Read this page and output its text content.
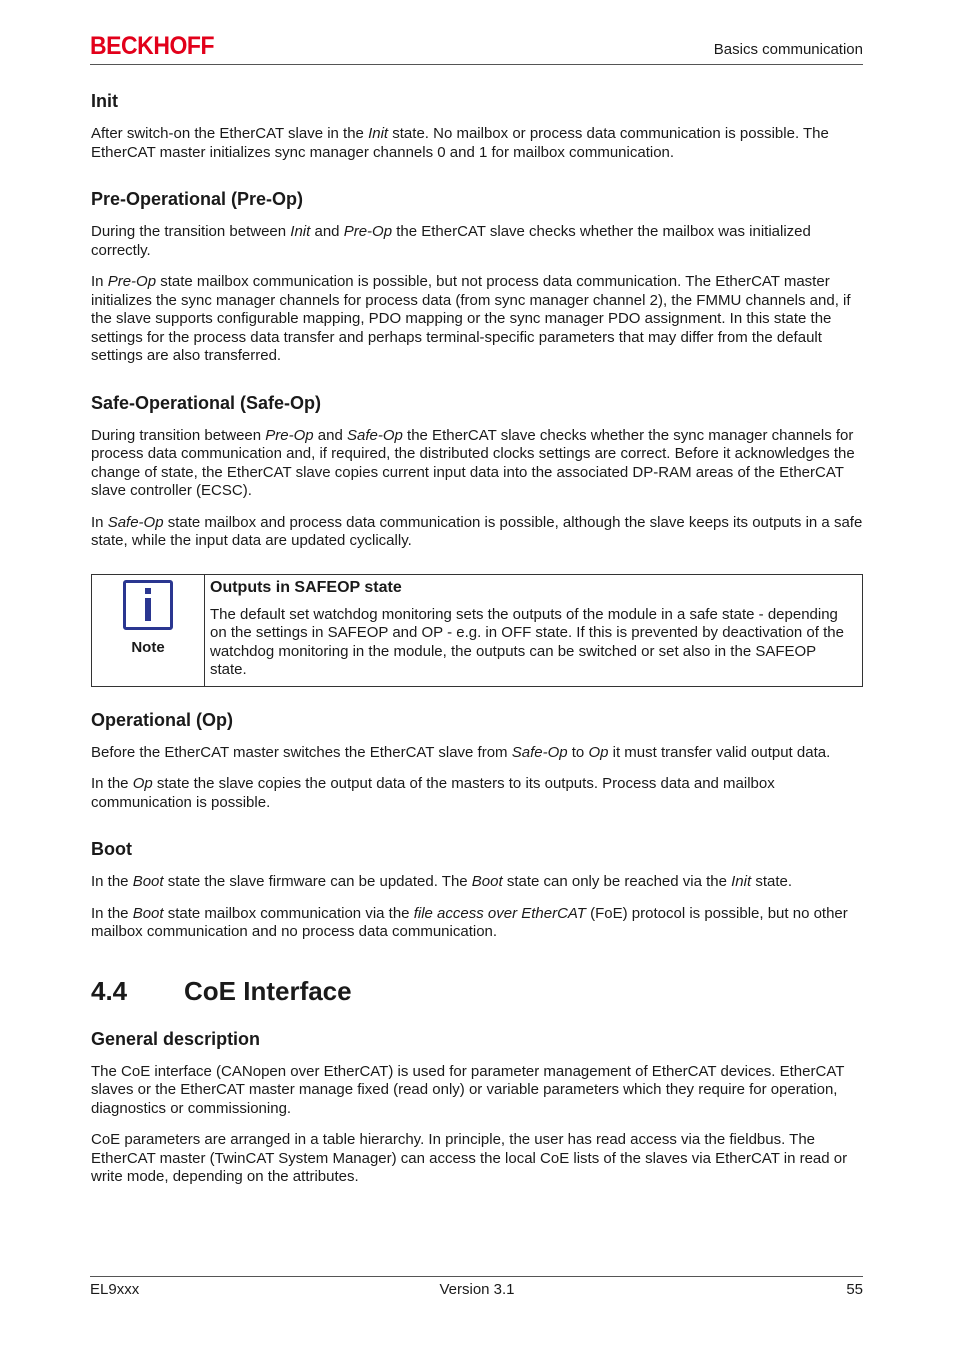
BECKHOFF	Basics communication
Init

After switch-on the EtherCAT slave in the Init state. No mailbox or process data communication is possible. The EtherCAT master initializes sync manager channels 0 and 1 for mailbox communication.

Pre-Operational (Pre-Op)

During the transition between Init and Pre-Op the EtherCAT slave checks whether the mailbox was initialized correctly.

In Pre-Op state mailbox communication is possible, but not process data communication. The EtherCAT master initializes the sync manager channels for process data (from sync manager channel 2), the FMMU channels and, if the slave supports configurable mapping, PDO mapping or the sync manager PDO assignment. In this state the settings for the process data transfer and perhaps terminal-specific parameters that may differ from the default settings are also transferred.

Safe-Operational (Safe-Op)

During transition between Pre-Op and Safe-Op the EtherCAT slave checks whether the sync manager channels for process data communication and, if required, the distributed clocks settings are correct. Before it acknowledges the change of state, the EtherCAT slave copies current input data into the associated DP-RAM areas of the EtherCAT slave controller (ECSC).

In Safe-Op state mailbox and process data communication is possible, although the slave keeps its outputs in a safe state, while the input data are updated cyclically.

Note
Outputs in SAFEOP state
The default set watchdog monitoring sets the outputs of the module in a safe state - depending on the settings in SAFEOP and OP - e.g. in OFF state. If this is prevented by deactivation of the watchdog monitoring in the module, the outputs can be switched or set also in the SAFEOP state.
Operational (Op)

Before the EtherCAT master switches the EtherCAT slave from Safe-Op to Op it must transfer valid output data.

In the Op state the slave copies the output data of the masters to its outputs. Process data and mailbox communication is possible.

Boot

In the Boot state the slave firmware can be updated. The Boot state can only be reached via the Init state.

In the Boot state mailbox communication via the file access over EtherCAT (FoE) protocol is possible, but no other mailbox communication and no process data communication.

4.4	CoE Interface
General description

The CoE interface (CANopen over EtherCAT) is used for parameter management of EtherCAT devices. EtherCAT slaves or the EtherCAT master manage fixed (read only) or variable parameters which they require for operation, diagnostics or commissioning.

CoE parameters are arranged in a table hierarchy. In principle, the user has read access via the fieldbus. The EtherCAT master (TwinCAT System Manager) can access the local CoE lists of the slaves via EtherCAT in read or write mode, depending on the attributes.

Version 3.1
EL9xxx	55
